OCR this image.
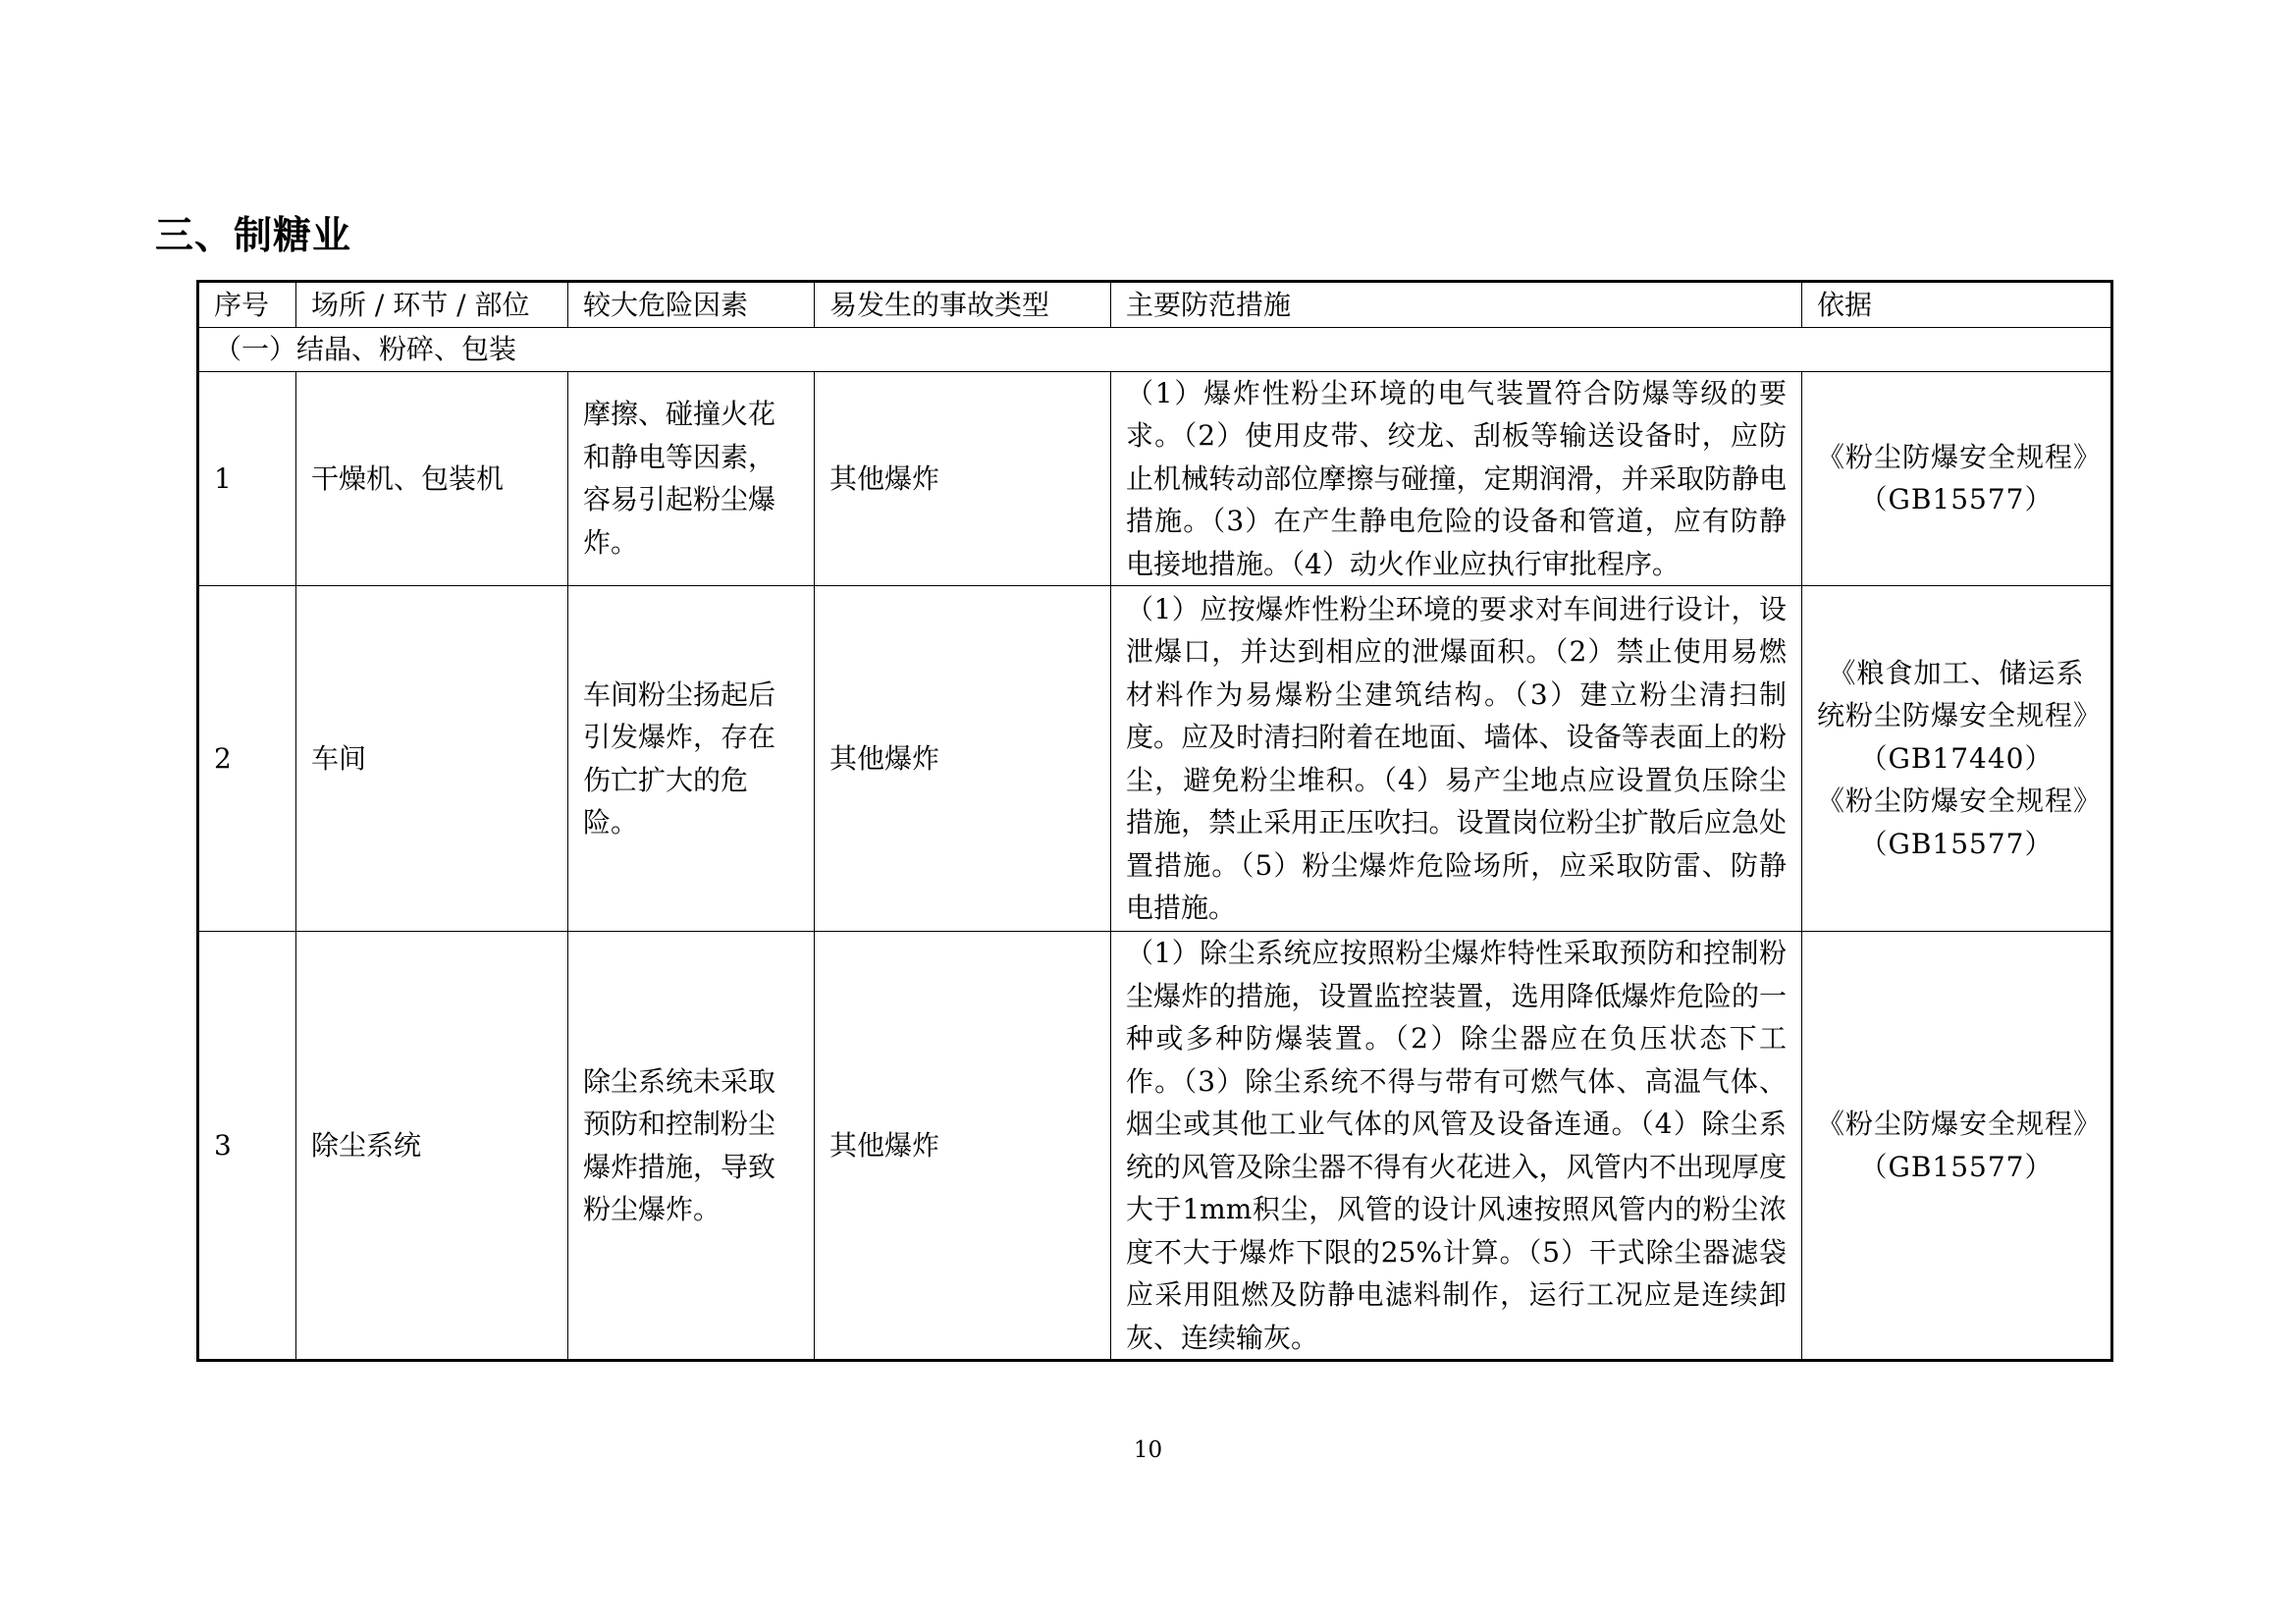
三、制糖业
序号	场所 / 环节 / 部位	较大危险因素	易发生的事故类型	主要防范措施	依据
（一）结晶、粉碎、包装					
1	干燥机、包装机	摩擦、碰撞火花和静电等因素，容易引起粉尘爆炸。	其他爆炸	（1）爆炸性粉尘环境的电气装置符合防爆等级的要求。（2）使用皮带、绞龙、刮板等输送设备时，应防止机械转动部位摩擦与碰撞，定期润滑，并采取防静电措施。（3）在产生静电危险的设备和管道，应有防静电接地措施。（4）动火作业应执行审批程序。	《粉尘防爆安全规程》
（GB15577）

2	车间	车间粉尘扬起后引发爆炸，存在伤亡扩大的危险。	其他爆炸	（1）应按爆炸性粉尘环境的要求对车间进行设计，设泄爆口，并达到相应的泄爆面积。（2）禁止使用易燃材料作为易爆粉尘建筑结构。（3）建立粉尘清扫制度。应及时清扫附着在地面、墙体、设备等表面上的粉尘，避免粉尘堆积。（4）易产尘地点应设置负压除尘措施，禁止采用正压吹扫。设置岗位粉尘扩散后应急处置措施。（5）粉尘爆炸危险场所，应采取防雷、防静电措施。	《粮食加工、储运系统粉尘防爆安全规程》
（GB17440）
《粉尘防爆安全规程》
（GB15577）

3	除尘系统	除尘系统未采取预防和控制粉尘爆炸措施，导致粉尘爆炸。	其他爆炸	（1）除尘系统应按照粉尘爆炸特性采取预防和控制粉尘爆炸的措施，设置监控装置，选用降低爆炸危险的一种或多种防爆装置。（2）除尘器应在负压状态下工作。（3）除尘系统不得与带有可燃气体、高温气体、烟尘或其他工业气体的风管及设备连通。（4）除尘系统的风管及除尘器不得有火花进入，风管内不出现厚度大于1mm积尘，风管的设计风速按照风管内的粉尘浓度不大于爆炸下限的25%计算。（5）干式除尘器滤袋应采用阻燃及防静电滤料制作，运行工况应是连续卸灰、连续输灰。	《粉尘防爆安全规程》
（GB15577）
10
